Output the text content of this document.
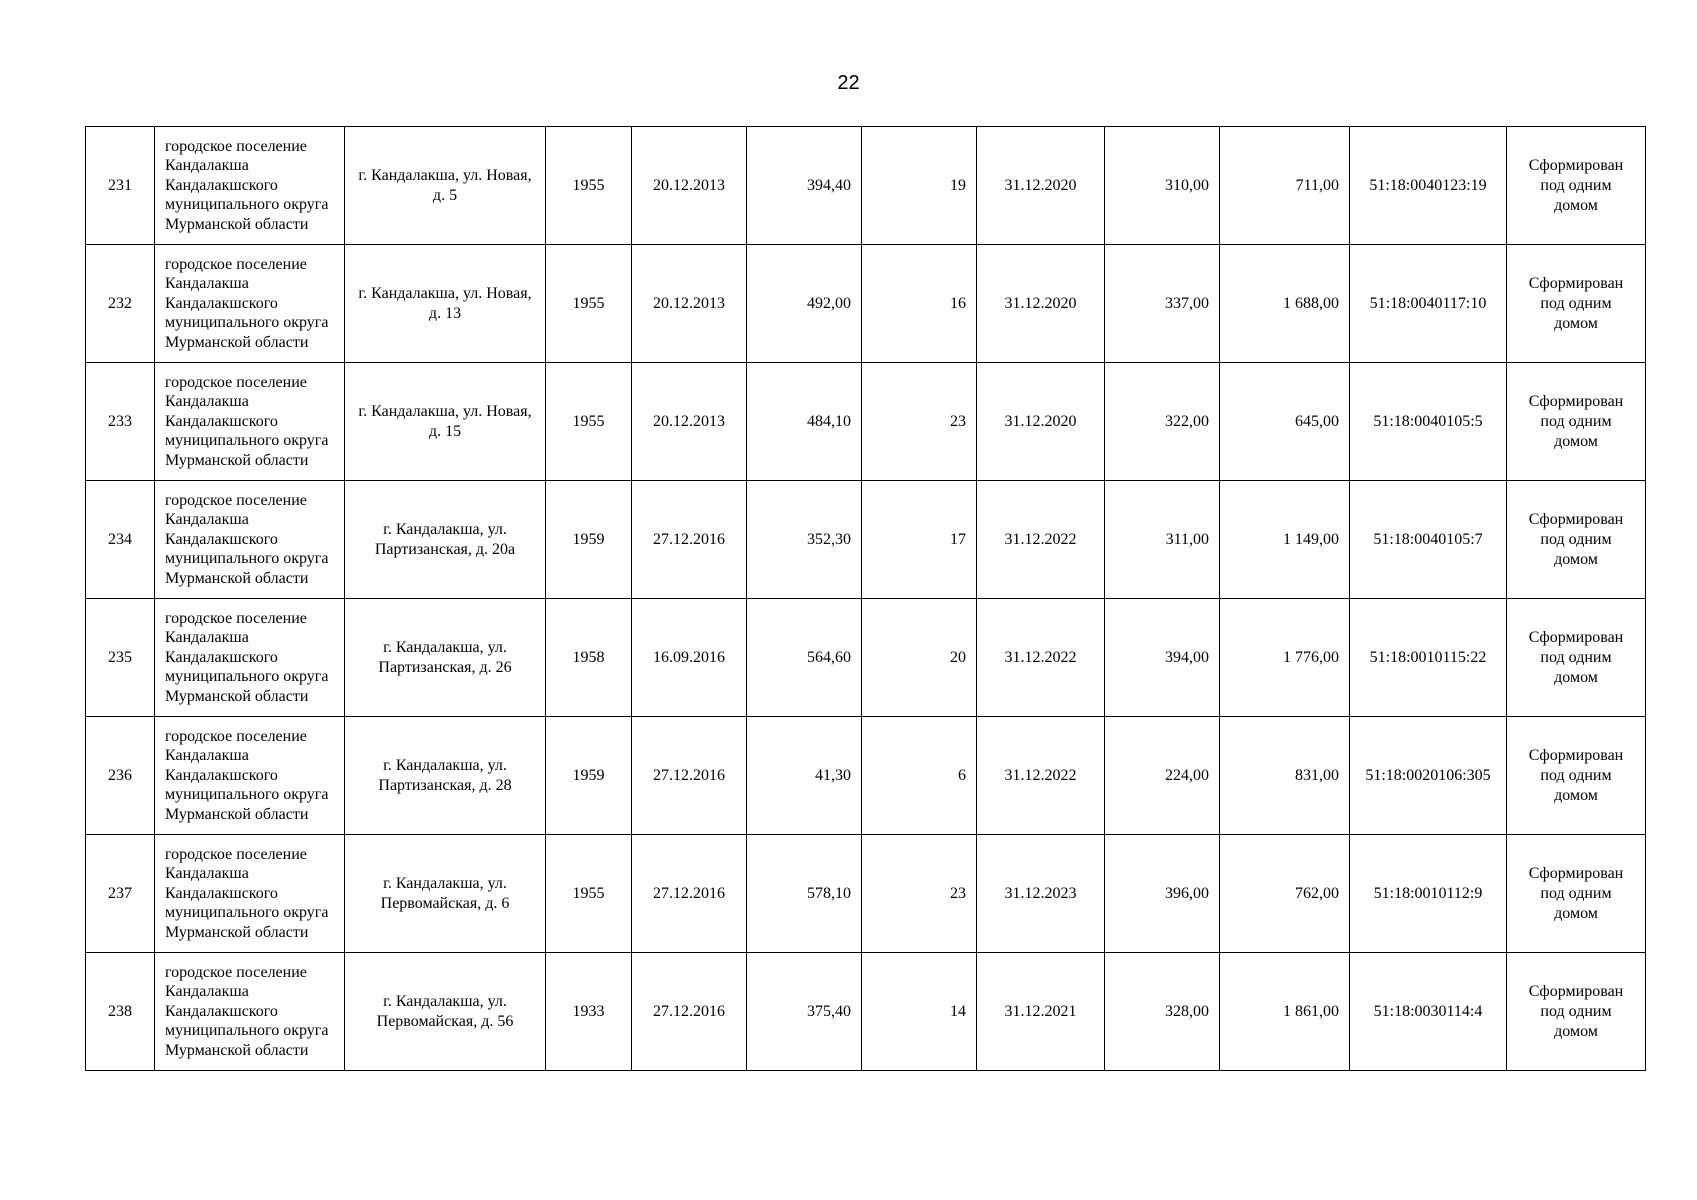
22
231	городское поселение Кандалакша Кандалакшского муниципального округа Мурманской области	г. Кандалакша, ул. Новая, д. 5	1955	20.12.2013	394,40	19	31.12.2020	310,00	711,00	51:18:0040123:19	Сформирован под одним домом
232	городское поселение Кандалакша Кандалакшского муниципального округа Мурманской области	г. Кандалакша, ул. Новая, д. 13	1955	20.12.2013	492,00	16	31.12.2020	337,00	1 688,00	51:18:0040117:10	Сформирован под одним домом
233	городское поселение Кандалакша Кандалакшского муниципального округа Мурманской области	г. Кандалакша, ул. Новая, д. 15	1955	20.12.2013	484,10	23	31.12.2020	322,00	645,00	51:18:0040105:5	Сформирован под одним домом
234	городское поселение Кандалакша Кандалакшского муниципального округа Мурманской области	г. Кандалакша, ул. Партизанская, д. 20а	1959	27.12.2016	352,30	17	31.12.2022	311,00	1 149,00	51:18:0040105:7	Сформирован под одним домом
235	городское поселение Кандалакша Кандалакшского муниципального округа Мурманской области	г. Кандалакша, ул. Партизанская, д. 26	1958	16.09.2016	564,60	20	31.12.2022	394,00	1 776,00	51:18:0010115:22	Сформирован под одним домом
236	городское поселение Кандалакша Кандалакшского муниципального округа Мурманской области	г. Кандалакша, ул. Партизанская, д. 28	1959	27.12.2016	41,30	6	31.12.2022	224,00	831,00	51:18:0020106:305	Сформирован под одним домом
237	городское поселение Кандалакша Кандалакшского муниципального округа Мурманской области	г. Кандалакша, ул. Первомайская, д. 6	1955	27.12.2016	578,10	23	31.12.2023	396,00	762,00	51:18:0010112:9	Сформирован под одним домом
238	городское поселение Кандалакша Кандалакшского муниципального округа Мурманской области	г. Кандалакша, ул. Первомайская, д. 56	1933	27.12.2016	375,40	14	31.12.2021	328,00	1 861,00	51:18:0030114:4	Сформирован под одним домом
